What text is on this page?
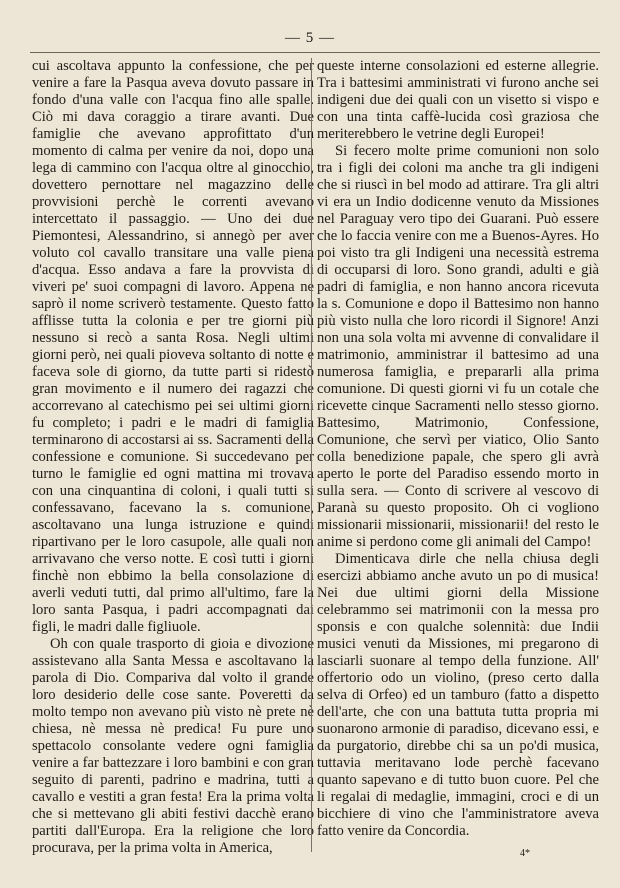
— 5 —

cui ascoltava appunto la confessione, che per venire a fare la Pasqua aveva dovuto passare in fondo d'una valle con l'acqua fino alle spalle. Ciò mi dava coraggio a tirare avanti. Due famiglie che avevano approfittato d'un momento di calma per venire da noi, dopo una lega di cammino con l'acqua oltre al ginocchio, dovettero pernottare nel magazzino delle provvisioni perchè le correnti avevano intercettato il passaggio. — Uno dei due Piemontesi, Alessandrino, si annegò per aver voluto col cavallo transitare una valle piena d'acqua. Esso andava a fare la provvista di viveri pe' suoi compagni di lavoro. Appena ne saprò il nome scriverò testamente. Questo fatto afflisse tutta la colonia e per tre giorni più nessuno si recò a santa Rosa. Negli ultimi giorni però, nei quali pioveva soltanto di notte e faceva sole di giorno, da tutte parti si ridestò gran movimento e il numero dei ragazzi che accorrevano al catechismo pei sei ultimi giorni fu completo; i padri e le madri di famiglia terminarono di accostarsi ai ss. Sacramenti della confessione e comunione. Si succedevano per turno le famiglie ed ogni mattina mi trovava con una cinquantina di coloni, i quali tutti si confessavano, facevano la s. comunione, ascoltavano una lunga istruzione e quindi ripartivano per le loro casupole, alle quali non arrivavano che verso notte. E così tutti i giorni finchè non ebbimo la bella consolazione di averli veduti tutti, dal primo all'ultimo, fare la loro santa Pasqua, i padri accompagnati dai figli, le madri dalle figliuole.

Oh con quale trasporto di gioia e divozione assistevano alla Santa Messa e ascoltavano la parola di Dio. Compariva dal volto il grande loro desiderio delle cose sante. Poveretti da molto tempo non avevano più visto nè prete nè chiesa, nè messa nè predica! Fu pure uno spettacolo consolante vedere ogni famiglia venire a far battezzare i loro bambini e con gran seguito di parenti, padrino e madrina, tutti a cavallo e vestiti a gran festa! Era la prima volta che si mettevano gli abiti festivi dacchè erano partiti dall'Europa. Era la religione che loro procurava, per la prima volta in America,

queste interne consolazioni ed esterne allegrie. Tra i battesimi amministrati vi furono anche sei indigeni due dei quali con un visetto si vispo e con una tinta caffè-lucida così graziosa che meriterebbero le vetrine degli Europei!

Si fecero molte prime comunioni non solo tra i figli dei coloni ma anche tra gli indigeni che si riuscì in bel modo ad attirare. Tra gli altri vi era un Indio dodicenne venuto da Missiones nel Paraguay vero tipo dei Guarani. Può essere che lo faccia venire con me a Buenos-Ayres. Ho poi visto tra gli Indigeni una necessità estrema di occuparsi di loro. Sono grandi, adulti e già padri di famiglia, e non hanno ancora ricevuta la s. Comunione e dopo il Battesimo non hanno più visto nulla che loro ricordi il Signore! Anzi non una sola volta mi avvenne di convalidare il matrimonio, amministrar il battesimo ad una numerosa famiglia, e prepararli alla prima comunione. Di questi giorni vi fu un cotale che ricevette cinque Sacramenti nello stesso giorno. Battesimo, Matrimonio, Confessione, Comunione, che servì per viatico, Olio Santo colla benedizione papale, che spero gli avrà aperto le porte del Paradiso essendo morto in sulla sera. — Conto di scrivere al vescovo di Paranà su questo proposito. Oh ci vogliono missionarii missionarii, missionarii! del resto le anime si perdono come gli animali del Campo!

Dimenticava dirle che nella chiusa degli esercizi abbiamo anche avuto un po di musica! Nei due ultimi giorni della Missione celebrammo sei matrimonii con la messa pro sponsis e con qualche solennità: due Indii musici venuti da Missiones, mi pregarono di lasciarli suonare al tempo della funzione. All' offertorio odo un violino, (preso certo dalla selva di Orfeo) ed un tamburo (fatto a dispetto dell'arte, che con una battuta tutta propria mi suonarono armonie di paradiso, dicevano essi, e da purgatorio, direbbe chi sa un po'di musica, tuttavia meritavano lode perchè facevano quanto sapevano e di tutto buon cuore. Pel che li regalai di medaglie, immagini, croci e di un bicchiere di vino che l'amministratore aveva fatto venire da Concordia.

4*
